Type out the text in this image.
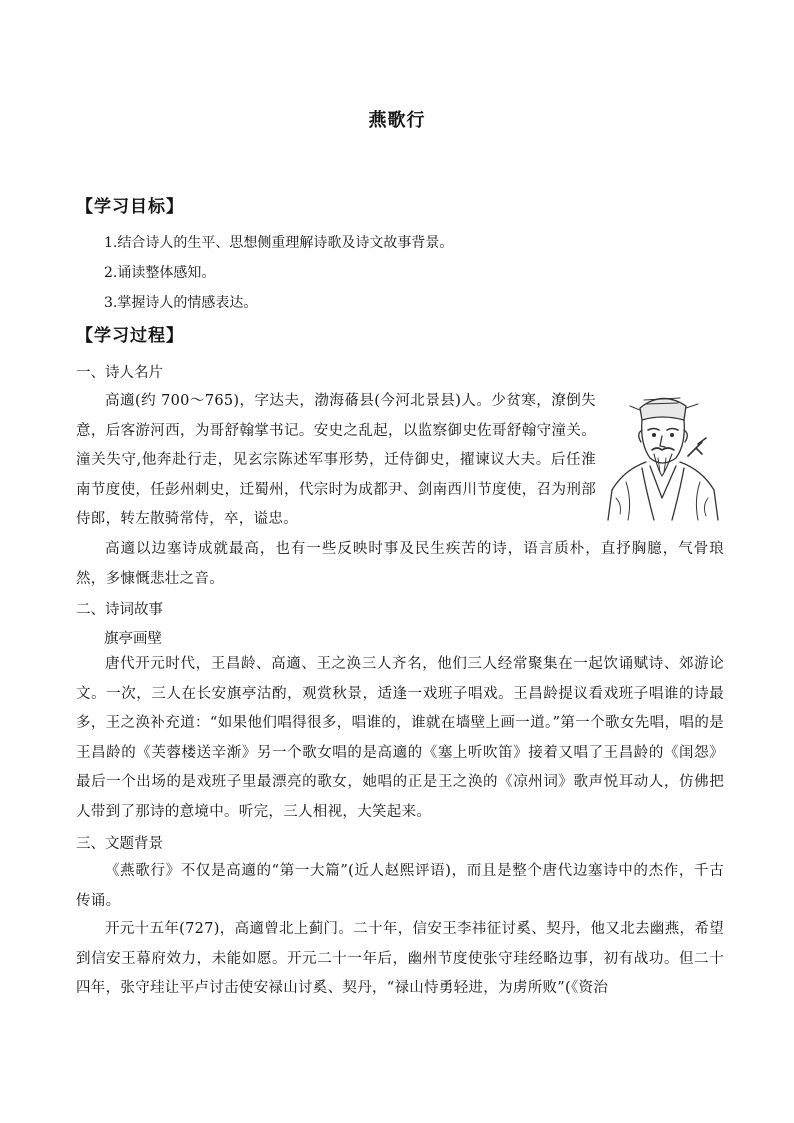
燕歌行
【学习目标】
1.结合诗人的生平、思想侧重理解诗歌及诗文故事背景。
2.诵读整体感知。
3.掌握诗人的情感表达。
【学习过程】
一、诗人名片

高適(约 700～765)，字达夫，渤海蓨县(今河北景县)人。少贫寒，潦倒失意，后客游河西，为哥舒翰掌书记。安史之乱起，以监察御史佐哥舒翰守潼关。潼关失守,他奔赴行走，见玄宗陈述军事形势，迁侍御史，擢谏议大夫。后任淮南节度使，任彭州刺史，迁蜀州，代宗时为成都尹、剑南西川节度使，召为刑部侍郎，转左散骑常侍，卒，谥忠。

高適以边塞诗成就最高，也有一些反映时事及民生疾苦的诗，语言质朴，直抒胸臆，气骨琅然，多慷慨悲壮之音。

二、诗词故事
旗亭画壁

唐代开元时代，王昌龄、高適、王之涣三人齐名，他们三人经常聚集在一起饮诵赋诗、郊游论文。一次，三人在长安旗亭沽酌，观赏秋景，适逢一戏班子唱戏。王昌龄提议看戏班子唱谁的诗最多，王之涣补充道：“如果他们唱得很多，唱谁的，谁就在墙壁上画一道。”第一个歌女先唱，唱的是王昌龄的《芙蓉楼送辛渐》另一个歌女唱的是高適的《塞上听吹笛》接着又唱了王昌龄的《闺怨》最后一个出场的是戏班子里最漂亮的歌女，她唱的正是王之涣的《凉州词》歌声悦耳动人，仿佛把人带到了那诗的意境中。听完，三人相视，大笑起来。

三、文题背景

《燕歌行》不仅是高適的“第一大篇”(近人赵熙评语)，而且是整个唐代边塞诗中的杰作，千古传诵。

开元十五年(727)，高適曾北上蓟门。二十年，信安王李祎征讨奚、契丹，他又北去幽燕，希望到信安王幕府效力，未能如愿。开元二十一年后，幽州节度使张守珪经略边事，初有战功。但二十四年，张守珪让平卢讨击使安禄山讨奚、契丹，“禄山恃勇轻进，为虏所败”(《资治
